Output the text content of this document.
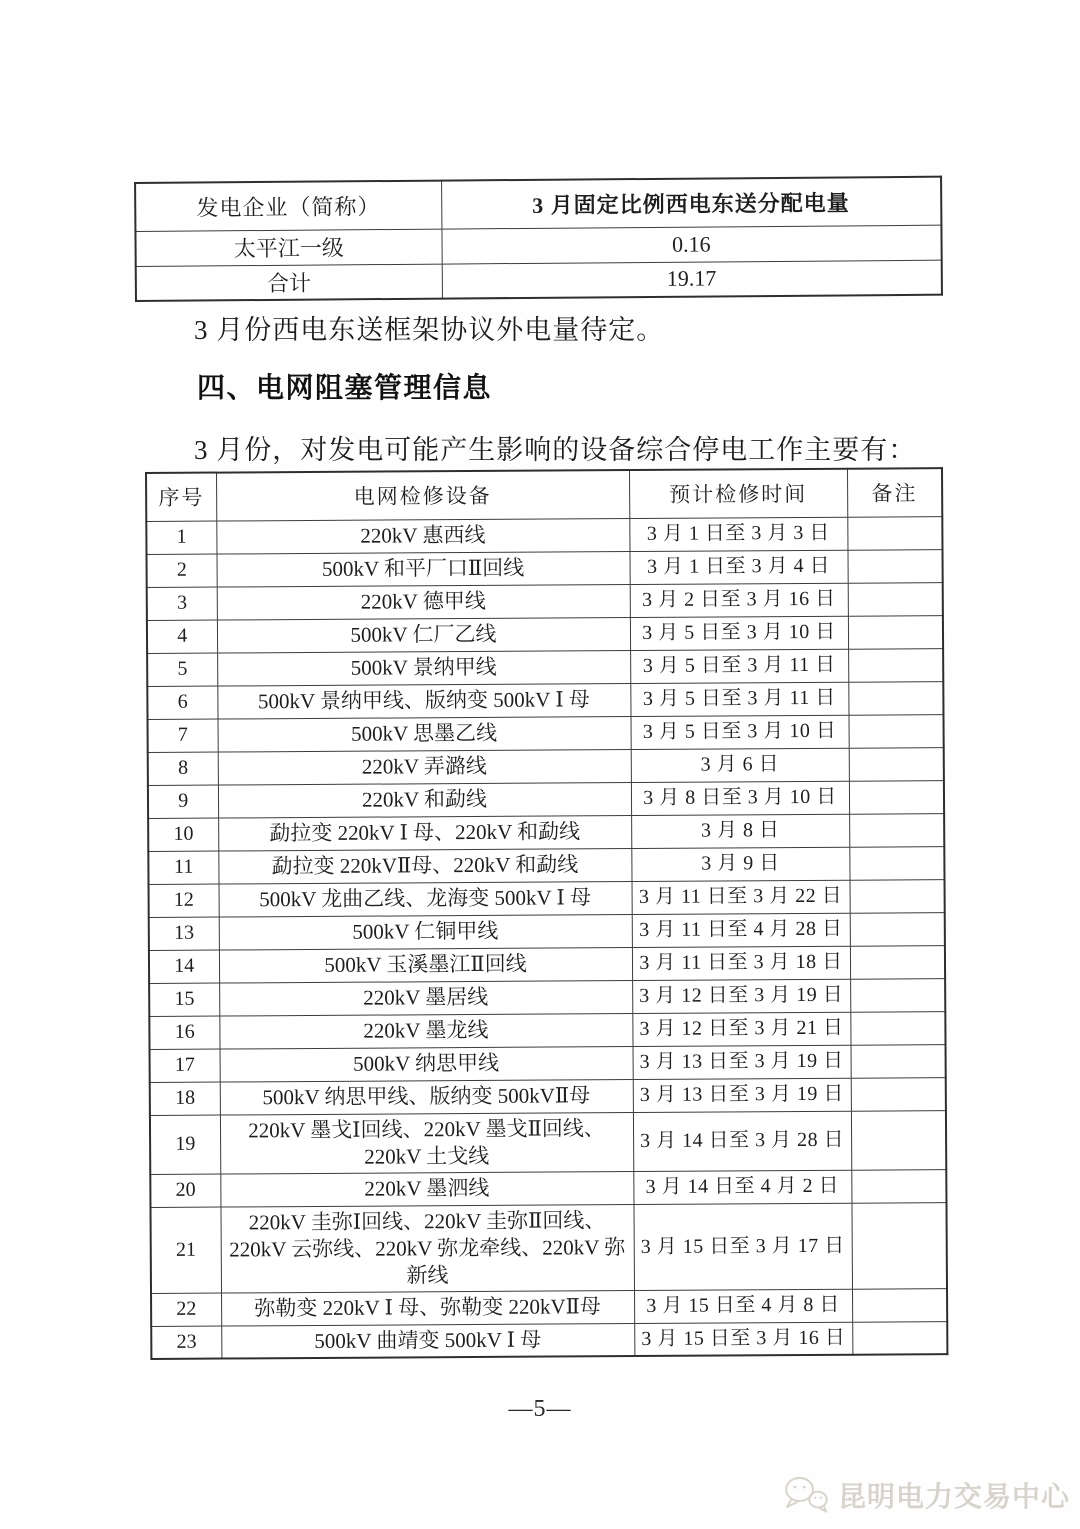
发电企业（简称）	3 月固定比例西电东送分配电量
太平江一级	0.16
合计	19.17
3 月份西电东送框架协议外电量待定。
四、电网阻塞管理信息
3 月份，对发电可能产生影响的设备综合停电工作主要有：
序号	电网检修设备	预计检修时间	备注
1	220kV 惠西线	3 月 1 日至 3 月 3 日	
2	500kV 和平厂口Ⅱ回线	3 月 1 日至 3 月 4 日	
3	220kV 德甲线	3 月 2 日至 3 月 16 日	
4	500kV 仁厂乙线	3 月 5 日至 3 月 10 日	
5	500kV 景纳甲线	3 月 5 日至 3 月 11 日	
6	500kV 景纳甲线、版纳变 500kV Ⅰ 母	3 月 5 日至 3 月 11 日	
7	500kV 思墨乙线	3 月 5 日至 3 月 10 日	
8	220kV 弄潞线	3 月 6 日	
9	220kV 和勐线	3 月 8 日至 3 月 10 日	
10	勐拉变 220kV Ⅰ 母、220kV 和勐线	3 月 8 日	
11	勐拉变 220kVⅡ母、220kV 和勐线	3 月 9 日	
12	500kV 龙曲乙线、龙海变 500kV Ⅰ 母	3 月 11 日至 3 月 22 日	
13	500kV 仁铜甲线	3 月 11 日至 4 月 28 日	
14	500kV 玉溪墨江Ⅱ回线	3 月 11 日至 3 月 18 日	
15	220kV 墨居线	3 月 12 日至 3 月 19 日	
16	220kV 墨龙线	3 月 12 日至 3 月 21 日	
17	500kV 纳思甲线	3 月 13 日至 3 月 19 日	
18	500kV 纳思甲线、版纳变 500kVⅡ母	3 月 13 日至 3 月 19 日	
19	220kV 墨戈Ⅰ回线、220kV 墨戈Ⅱ回线、220kV 土戈线	3 月 14 日至 3 月 28 日	
20	220kV 墨泗线	3 月 14 日至 4 月 2 日	
21	220kV 圭弥Ⅰ回线、220kV 圭弥Ⅱ回线、220kV 云弥线、220kV 弥龙牵线、220kV 弥新线	3 月 15 日至 3 月 17 日	
22	弥勒变 220kV Ⅰ 母、弥勒变 220kVⅡ母	3 月 15 日至 4 月 8 日	
23	500kV 曲靖变 500kV Ⅰ 母	3 月 15 日至 3 月 16 日	
—5—
昆明电力交易中心
